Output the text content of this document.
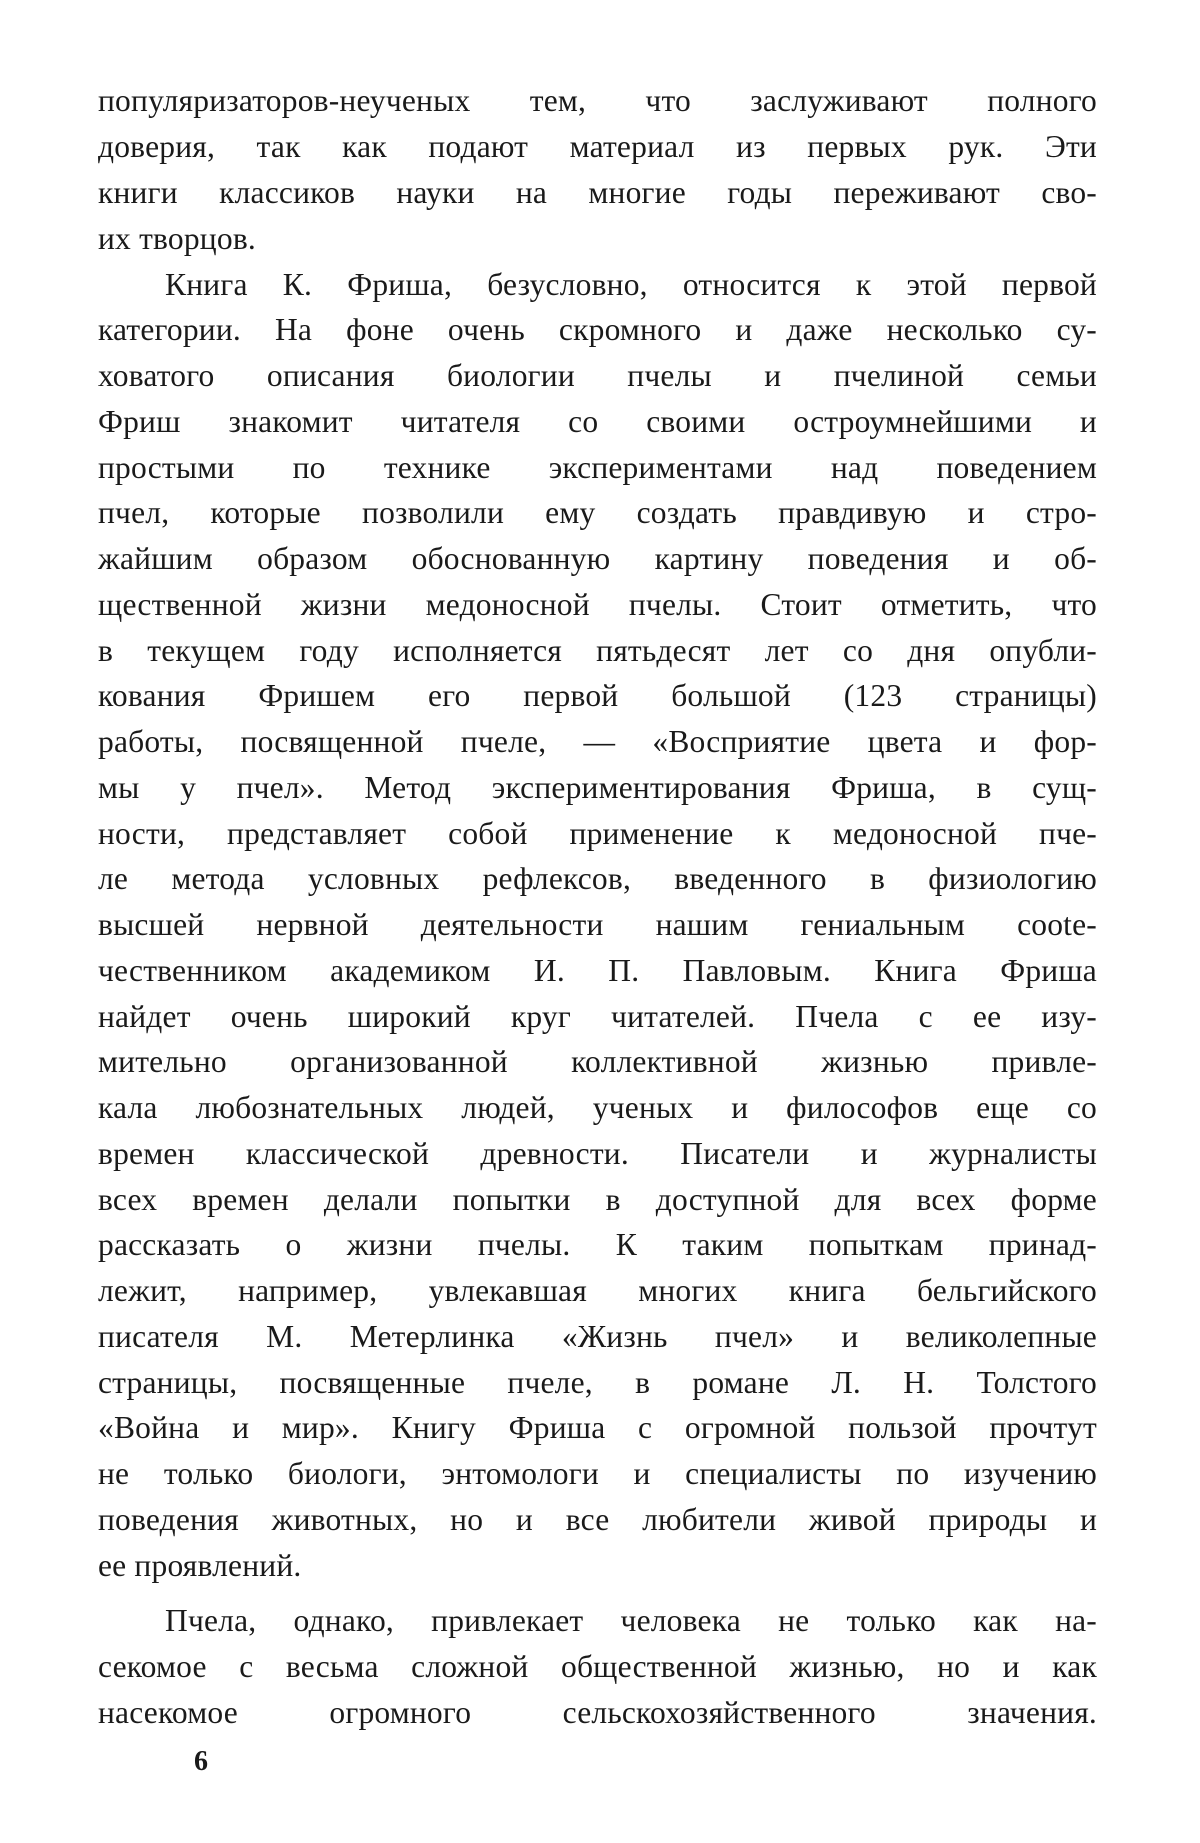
популяризаторов-неученых тем, что заслуживают полного
доверия, так как подают материал из первых рук. Эти
книги классиков науки на многие годы переживают сво-
их творцов.
Книга К. Фриша, безусловно, относится к этой первой
категории. На фоне очень скромного и даже несколько су-
ховатого описания биологии пчелы и пчелиной семьи
Фриш знакомит читателя со своими остроумнейшими и
простыми по технике экспериментами над поведением
пчел, которые позволили ему создать правдивую и стро-
жайшим образом обоснованную картину поведения и об-
щественной жизни медоносной пчелы. Стоит отметить, что
в текущем году исполняется пятьдесят лет со дня опубли-
кования Фришем его первой большой (123 страницы)
работы, посвященной пчеле, — «Восприятие цвета и фор-
мы у пчел». Метод экспериментирования Фриша, в сущ-
ности, представляет собой применение к медоносной пче-
ле метода условных рефлексов, введенного в физиологию
высшей нервной деятельности нашим гениальным соote-
чественником академиком И. П. Павловым. Книга Фриша
найдет очень широкий круг читателей. Пчела с ее изу-
мительно организованной коллективной жизнью привле-
кала любознательных людей, ученых и философов еще со
времен классической древности. Писатели и журналисты
всех времен делали попытки в доступной для всех форме
рассказать о жизни пчелы. К таким попыткам принад-
лежит, например, увлекавшая многих книга бельгийского
писателя М. Метерлинка «Жизнь пчел» и великолепные
страницы, посвященные пчеле, в романе Л. Н. Толстого
«Война и мир». Книгу Фриша с огромной пользой прочтут
не только биологи, энтомологи и специалисты по изучению
поведения животных, но и все любители живой природы и
ее проявлений.
Пчела, однако, привлекает человека не только как на-
секомое с весьма сложной общественной жизнью, но и как
насекомое огромного сельскохозяйственного значения.
6
